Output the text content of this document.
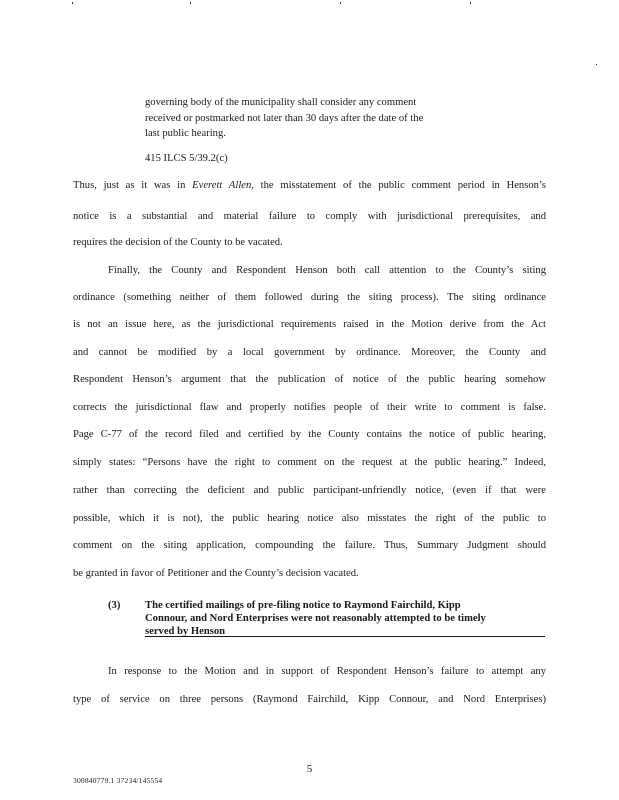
governing body of the municipality shall consider any comment
received or postmarked not later than 30 days after the date of the
last public hearing.
415 ILCS 5/39.2(c)
Thus, just as it was in Everett Allen, the misstatement of the public comment period in Henson’s
notice is a substantial and material failure to comply with jurisdictional prerequisites, and
requires the decision of the County to be vacated.
Finally, the County and Respondent Henson both call attention to the County’s siting
ordinance (something neither of them followed during the siting process). The siting ordinance
is not an issue here, as the jurisdictional requirements raised in the Motion derive from the Act
and cannot be modified by a local government by ordinance. Moreover, the County and
Respondent Henson’s argument that the publication of notice of the public hearing somehow
corrects the jurisdictional flaw and properly notifies people of their write to comment is false.
Page C-77 of the record filed and certified by the County contains the notice of public hearing,
simply states: “Persons have the right to comment on the request at the public hearing.” Indeed,
rather than correcting the deficient and public participant-unfriendly notice, (even if that were
possible, which it is not), the public hearing notice also misstates the right of the public to
comment on the siting application, compounding the failure. Thus, Summary Judgment should
be granted in favor of Petitioner and the County’s decision vacated.
(3) The certified mailings of pre-filing notice to Raymond Fairchild, Kipp
Connour, and Nord Enterprises were not reasonably attempted to be timely
served by Henson
In response to the Motion and in support of Respondent Henson’s failure to attempt any
type of service on three persons (Raymond Fairchild, Kipp Connour, and Nord Enterprises)
5
300840779.1 37234/145554
